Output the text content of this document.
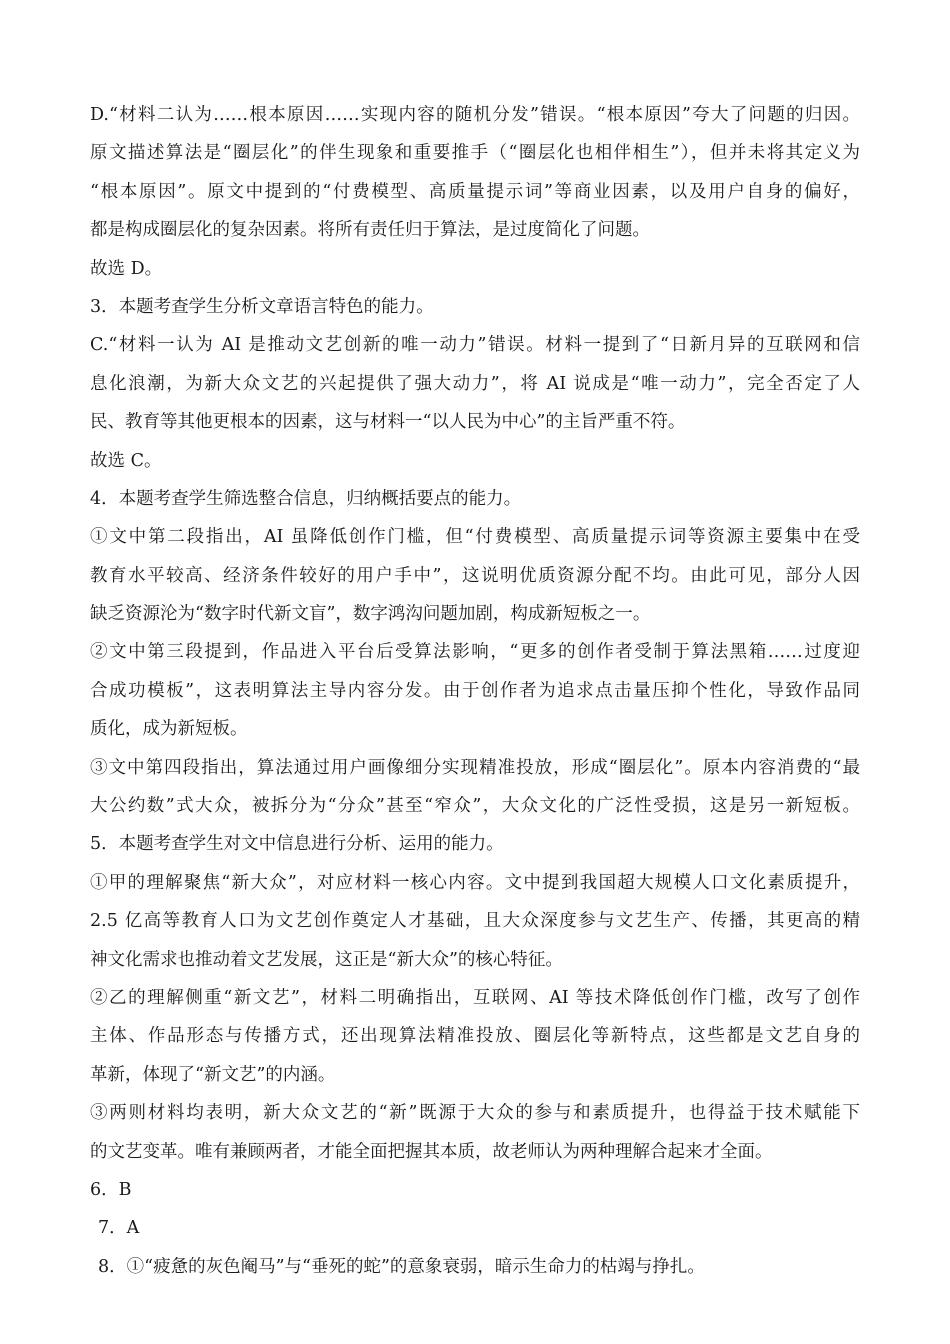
D.“材料二认为……根本原因……实现内容的随机分发”错误。“根本原因”夸大了问题的归因。
原文描述算法是“圈层化”的伴生现象和重要推手（“圈层化也相伴相生”），但并未将其定义为
“根本原因”。原文中提到的“付费模型、高质量提示词”等商业因素，以及用户自身的偏好，
都是构成圈层化的复杂因素。将所有责任归于算法，是过度简化了问题。
故选 D。
3．本题考查学生分析文章语言特色的能力。
C.“材料一认为 AI 是推动文艺创新的唯一动力”错误。材料一提到了“日新月异的互联网和信
息化浪潮，为新大众文艺的兴起提供了强大动力”，将 AI 说成是“唯一动力”，完全否定了人
民、教育等其他更根本的因素，这与材料一“以人民为中心”的主旨严重不符。
故选 C。
4．本题考查学生筛选整合信息，归纳概括要点的能力。
①文中第二段指出，AI 虽降低创作门槛，但“付费模型、高质量提示词等资源主要集中在受
教育水平较高、经济条件较好的用户手中”，这说明优质资源分配不均。由此可见，部分人因
缺乏资源沦为“数字时代新文盲”，数字鸿沟问题加剧，构成新短板之一。
②文中第三段提到，作品进入平台后受算法影响，“更多的创作者受制于算法黑箱……过度迎
合成功模板”，这表明算法主导内容分发。由于创作者为追求点击量压抑个性化，导致作品同
质化，成为新短板。
③文中第四段指出，算法通过用户画像细分实现精准投放，形成“圈层化”。原本内容消费的“最
大公约数”式大众，被拆分为“分众”甚至“窄众”，大众文化的广泛性受损，这是另一新短板。
5．本题考查学生对文中信息进行分析、运用的能力。
①甲的理解聚焦“新大众”，对应材料一核心内容。文中提到我国超大规模人口文化素质提升，
2.5 亿高等教育人口为文艺创作奠定人才基础，且大众深度参与文艺生产、传播，其更高的精
神文化需求也推动着文艺发展，这正是“新大众”的核心特征。
②乙的理解侧重“新文艺”，材料二明确指出，互联网、AI 等技术降低创作门槛，改写了创作
主体、作品形态与传播方式，还出现算法精准投放、圈层化等新特点，这些都是文艺自身的
革新，体现了“新文艺”的内涵。
③两则材料均表明，新大众文艺的“新”既源于大众的参与和素质提升，也得益于技术赋能下
的文艺变革。唯有兼顾两者，才能全面把握其本质，故老师认为两种理解合起来才全面。
6．B
7．A
8．①“疲惫的灰色阉马”与“垂死的蛇”的意象衰弱，暗示生命力的枯竭与挣扎。
